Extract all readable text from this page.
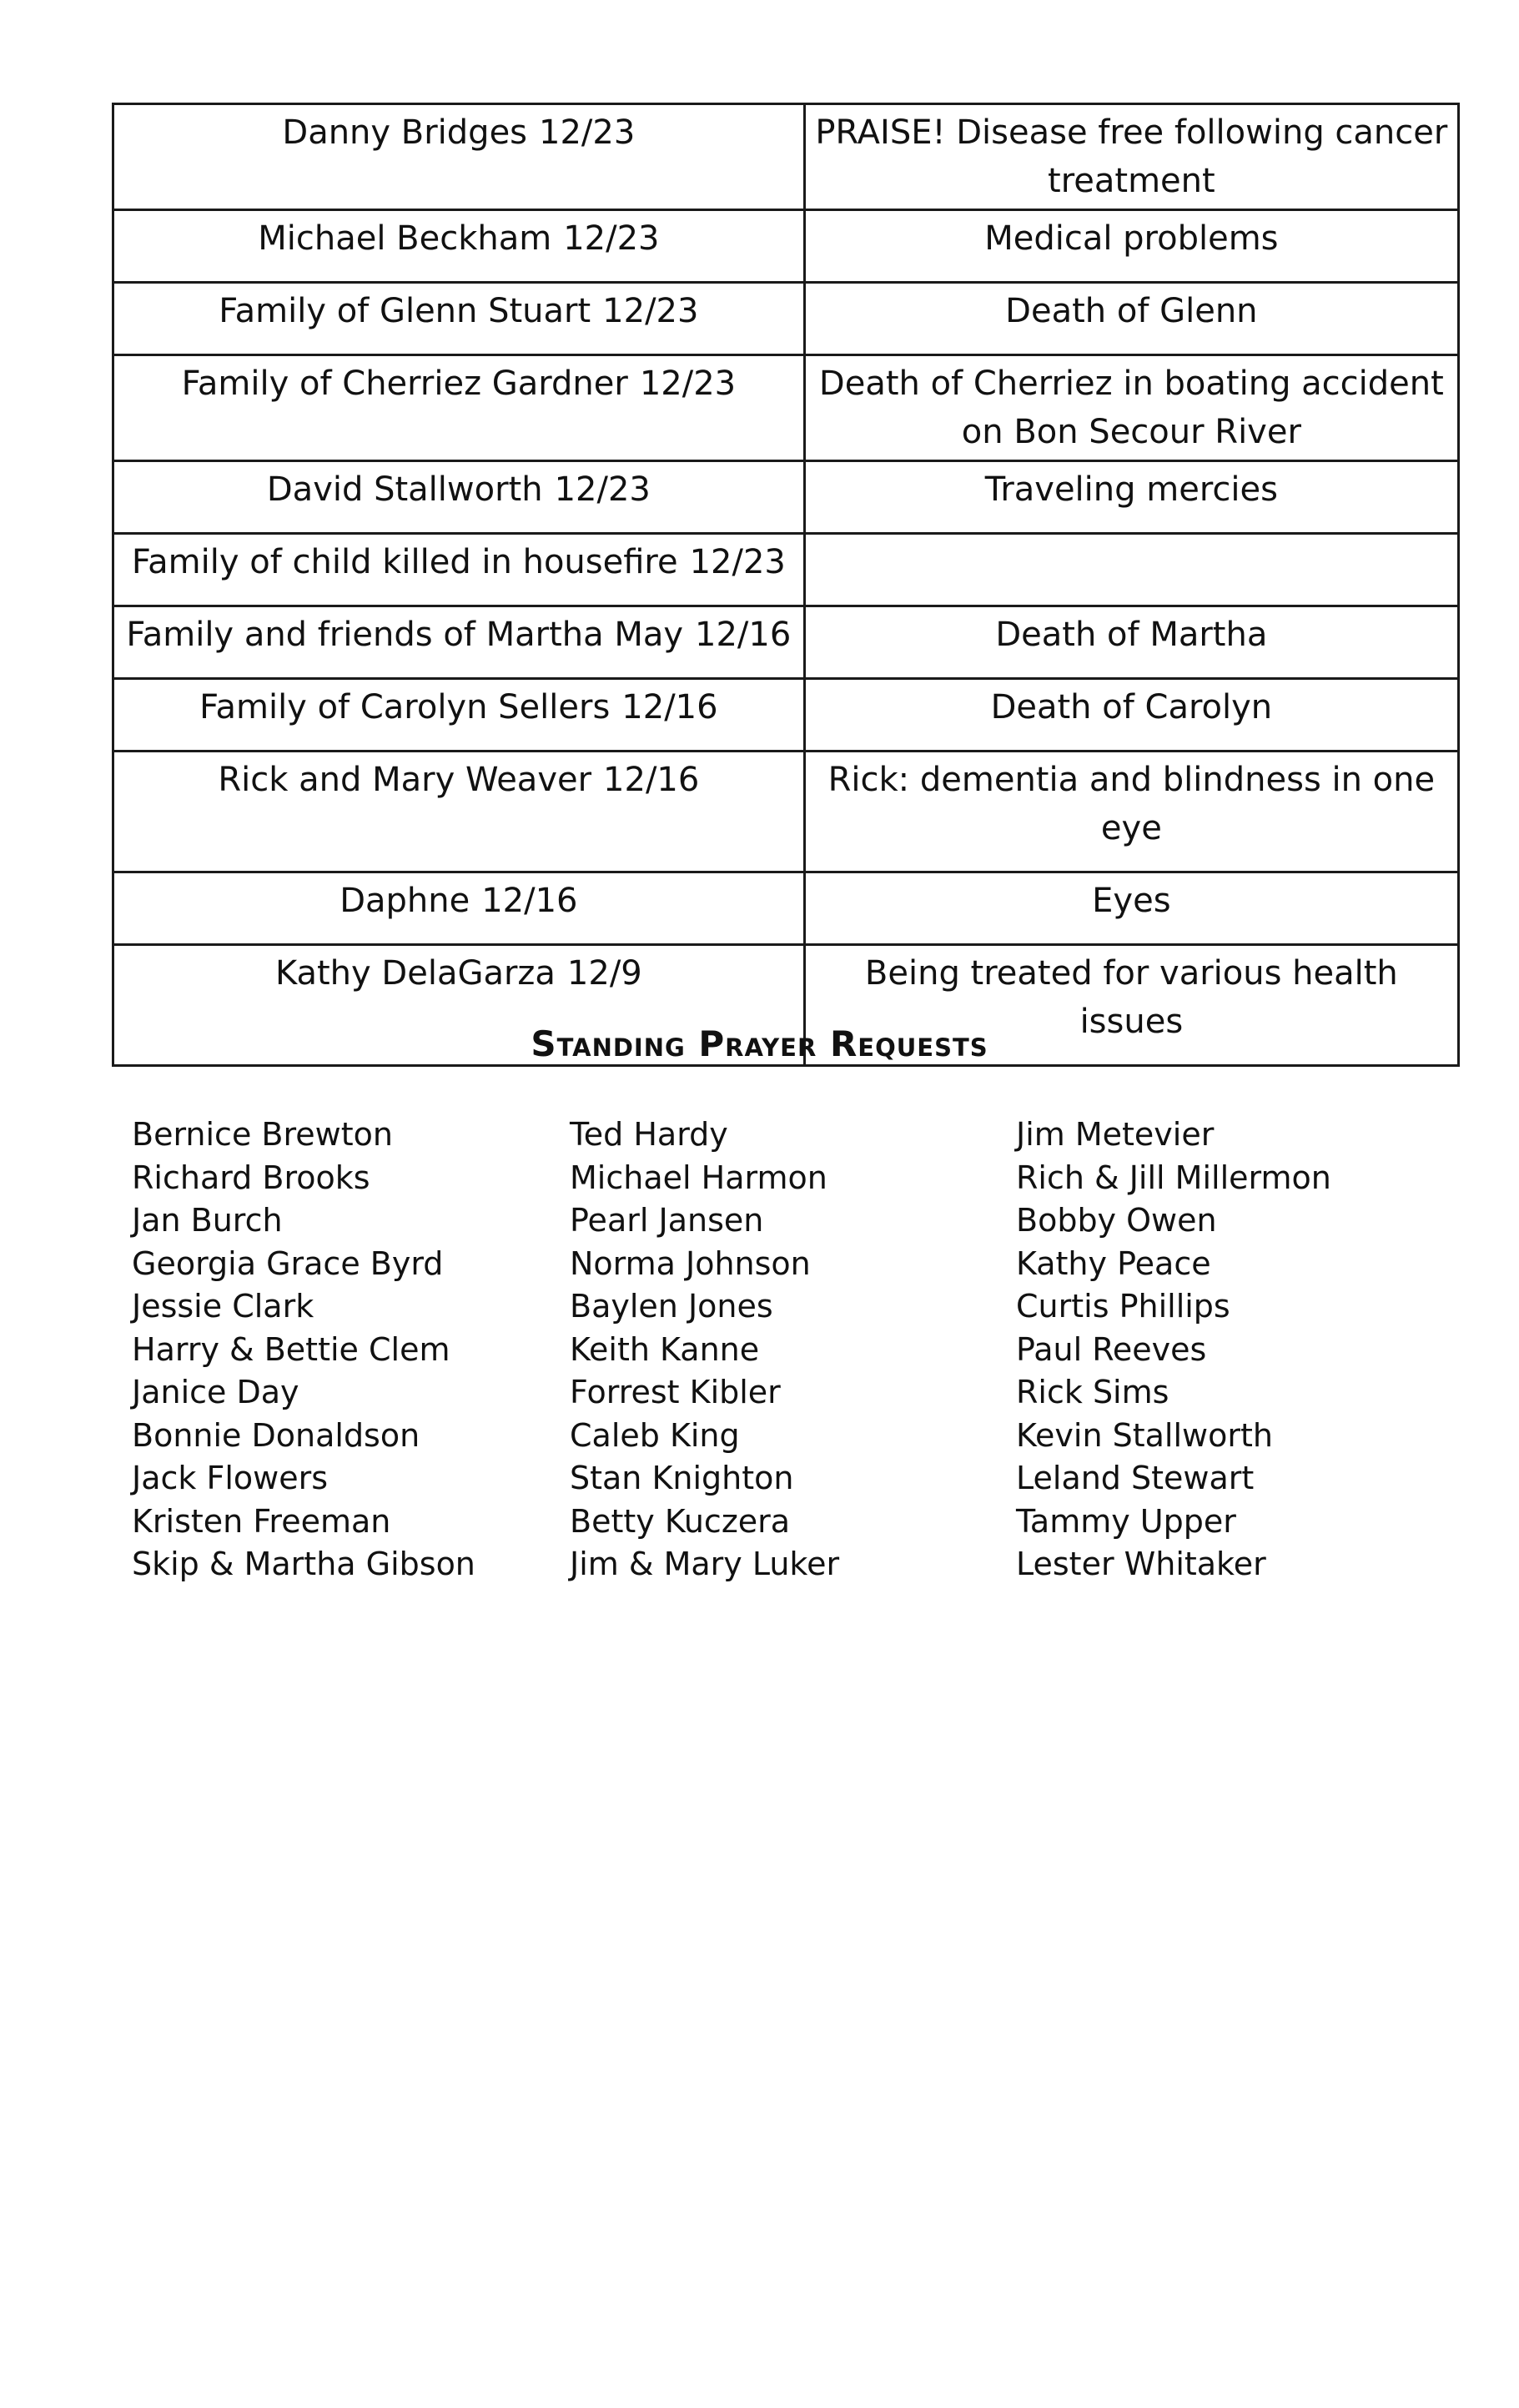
Danny Bridges 12/23	PRAISE! Disease free following cancer treatment
Michael Beckham 12/23	Medical problems
Family of Glenn Stuart 12/23	Death of Glenn
Family of Cherriez Gardner 12/23	Death of Cherriez in boating accident on Bon Secour River
David Stallworth 12/23	Traveling mercies
Family of child killed in housefire 12/23	
Family and friends of Martha May 12/16	Death of Martha
Family of Carolyn Sellers 12/16	Death of Carolyn
Rick and Mary Weaver 12/16	Rick: dementia and blindness in one eye
Daphne 12/16	Eyes
Kathy DelaGarza 12/9	Being treated for various health issues
Standing Prayer Requests
Bernice Brewton
Richard Brooks
Jan Burch
Georgia Grace Byrd
Jessie Clark
Harry & Bettie Clem
Janice Day
Bonnie Donaldson
Jack Flowers
Kristen Freeman
Skip & Martha Gibson
Ted Hardy
Michael Harmon
Pearl Jansen
Norma Johnson
Baylen Jones
Keith Kanne
Forrest Kibler
Caleb King
Stan Knighton
Betty Kuczera
Jim & Mary Luker
Jim Metevier
Rich & Jill Millermon
Bobby Owen
Kathy Peace
Curtis Phillips
Paul Reeves
Rick Sims
Kevin Stallworth
Leland Stewart
Tammy Upper
Lester Whitaker
